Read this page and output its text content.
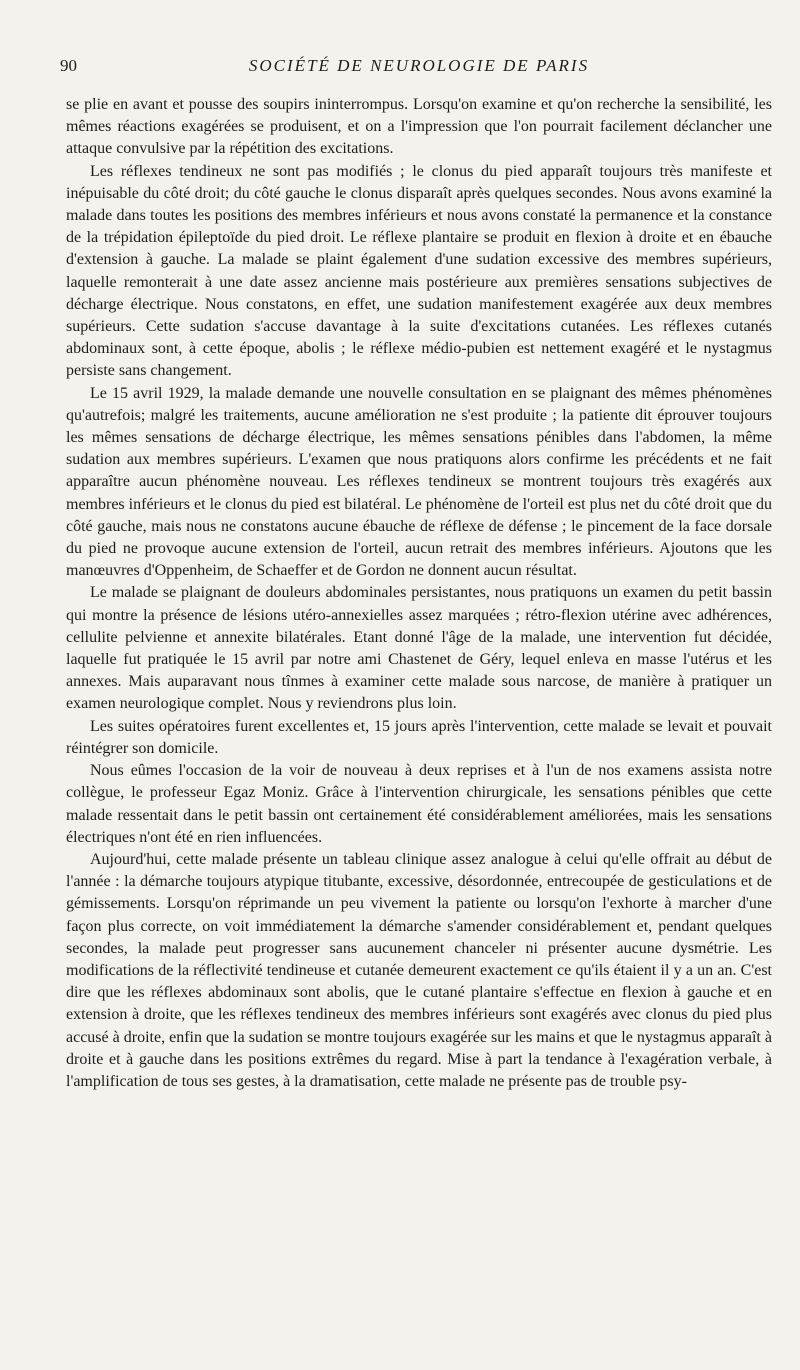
90	SOCIÉTÉ DE NEUROLOGIE DE PARIS

se plie en avant et pousse des soupirs ininterrompus. Lorsqu'on examine et qu'on recherche la sensibilité, les mêmes réactions exagérées se produisent, et on a l'impression que l'on pourrait facilement déclancher une attaque convulsive par la répétition des excitations.

Les réflexes tendineux ne sont pas modifiés ; le clonus du pied apparaît toujours très manifeste et inépuisable du côté droit; du côté gauche le clonus disparaît après quelques secondes. Nous avons examiné la malade dans toutes les positions des membres inférieurs et nous avons constaté la permanence et la constance de la trépidation épileptoïde du pied droit. Le réflexe plantaire se produit en flexion à droite et en ébauche d'extension à gauche. La malade se plaint également d'une sudation excessive des membres supérieurs, laquelle remonterait à une date assez ancienne mais postérieure aux premières sensations subjectives de décharge électrique. Nous constatons, en effet, une sudation manifestement exagérée aux deux membres supérieurs. Cette sudation s'accuse davantage à la suite d'excitations cutanées. Les réflexes cutanés abdominaux sont, à cette époque, abolis ; le réflexe médio-pubien est nettement exagéré et le nystagmus persiste sans changement.

Le 15 avril 1929, la malade demande une nouvelle consultation en se plaignant des mêmes phénomènes qu'autrefois; malgré les traitements, aucune amélioration ne s'est produite ; la patiente dit éprouver toujours les mêmes sensations de décharge électrique, les mêmes sensations pénibles dans l'abdomen, la même sudation aux membres supérieurs. L'examen que nous pratiquons alors confirme les précédents et ne fait apparaître aucun phénomène nouveau. Les réflexes tendineux se montrent toujours très exagérés aux membres inférieurs et le clonus du pied est bilatéral. Le phénomène de l'orteil est plus net du côté droit que du côté gauche, mais nous ne constatons aucune ébauche de réflexe de défense ; le pincement de la face dorsale du pied ne provoque aucune extension de l'orteil, aucun retrait des membres inférieurs. Ajoutons que les manœuvres d'Oppenheim, de Schaeffer et de Gordon ne donnent aucun résultat.

Le malade se plaignant de douleurs abdominales persistantes, nous pratiquons un examen du petit bassin qui montre la présence de lésions utéro-annexielles assez marquées ; rétro-flexion utérine avec adhérences, cellulite pelvienne et annexite bilatérales. Etant donné l'âge de la malade, une intervention fut décidée, laquelle fut pratiquée le 15 avril par notre ami Chastenet de Géry, lequel enleva en masse l'utérus et les annexes. Mais auparavant nous tînmes à examiner cette malade sous narcose, de manière à pratiquer un examen neurologique complet. Nous y reviendrons plus loin.

Les suites opératoires furent excellentes et, 15 jours après l'intervention, cette malade se levait et pouvait réintégrer son domicile.

Nous eûmes l'occasion de la voir de nouveau à deux reprises et à l'un de nos examens assista notre collègue, le professeur Egaz Moniz. Grâce à l'intervention chirurgicale, les sensations pénibles que cette malade ressentait dans le petit bassin ont certainement été considérablement améliorées, mais les sensations électriques n'ont été en rien influencées.

Aujourd'hui, cette malade présente un tableau clinique assez analogue à celui qu'elle offrait au début de l'année : la démarche toujours atypique titubante, excessive, désordonnée, entrecoupée de gesticulations et de gémissements. Lorsqu'on réprimande un peu vivement la patiente ou lorsqu'on l'exhorte à marcher d'une façon plus correcte, on voit immédiatement la démarche s'amender considérablement et, pendant quelques secondes, la malade peut progresser sans aucunement chanceler ni présenter aucune dysmétrie. Les modifications de la réflectivité tendineuse et cutanée demeurent exactement ce qu'ils étaient il y a un an. C'est dire que les réflexes abdominaux sont abolis, que le cutané plantaire s'effectue en flexion à gauche et en extension à droite, que les réflexes tendineux des membres inférieurs sont exagérés avec clonus du pied plus accusé à droite, enfin que la sudation se montre toujours exagérée sur les mains et que le nystagmus apparaît à droite et à gauche dans les positions extrêmes du regard. Mise à part la tendance à l'exagération verbale, à l'amplification de tous ses gestes, à la dramatisation, cette malade ne présente pas de trouble psy-
